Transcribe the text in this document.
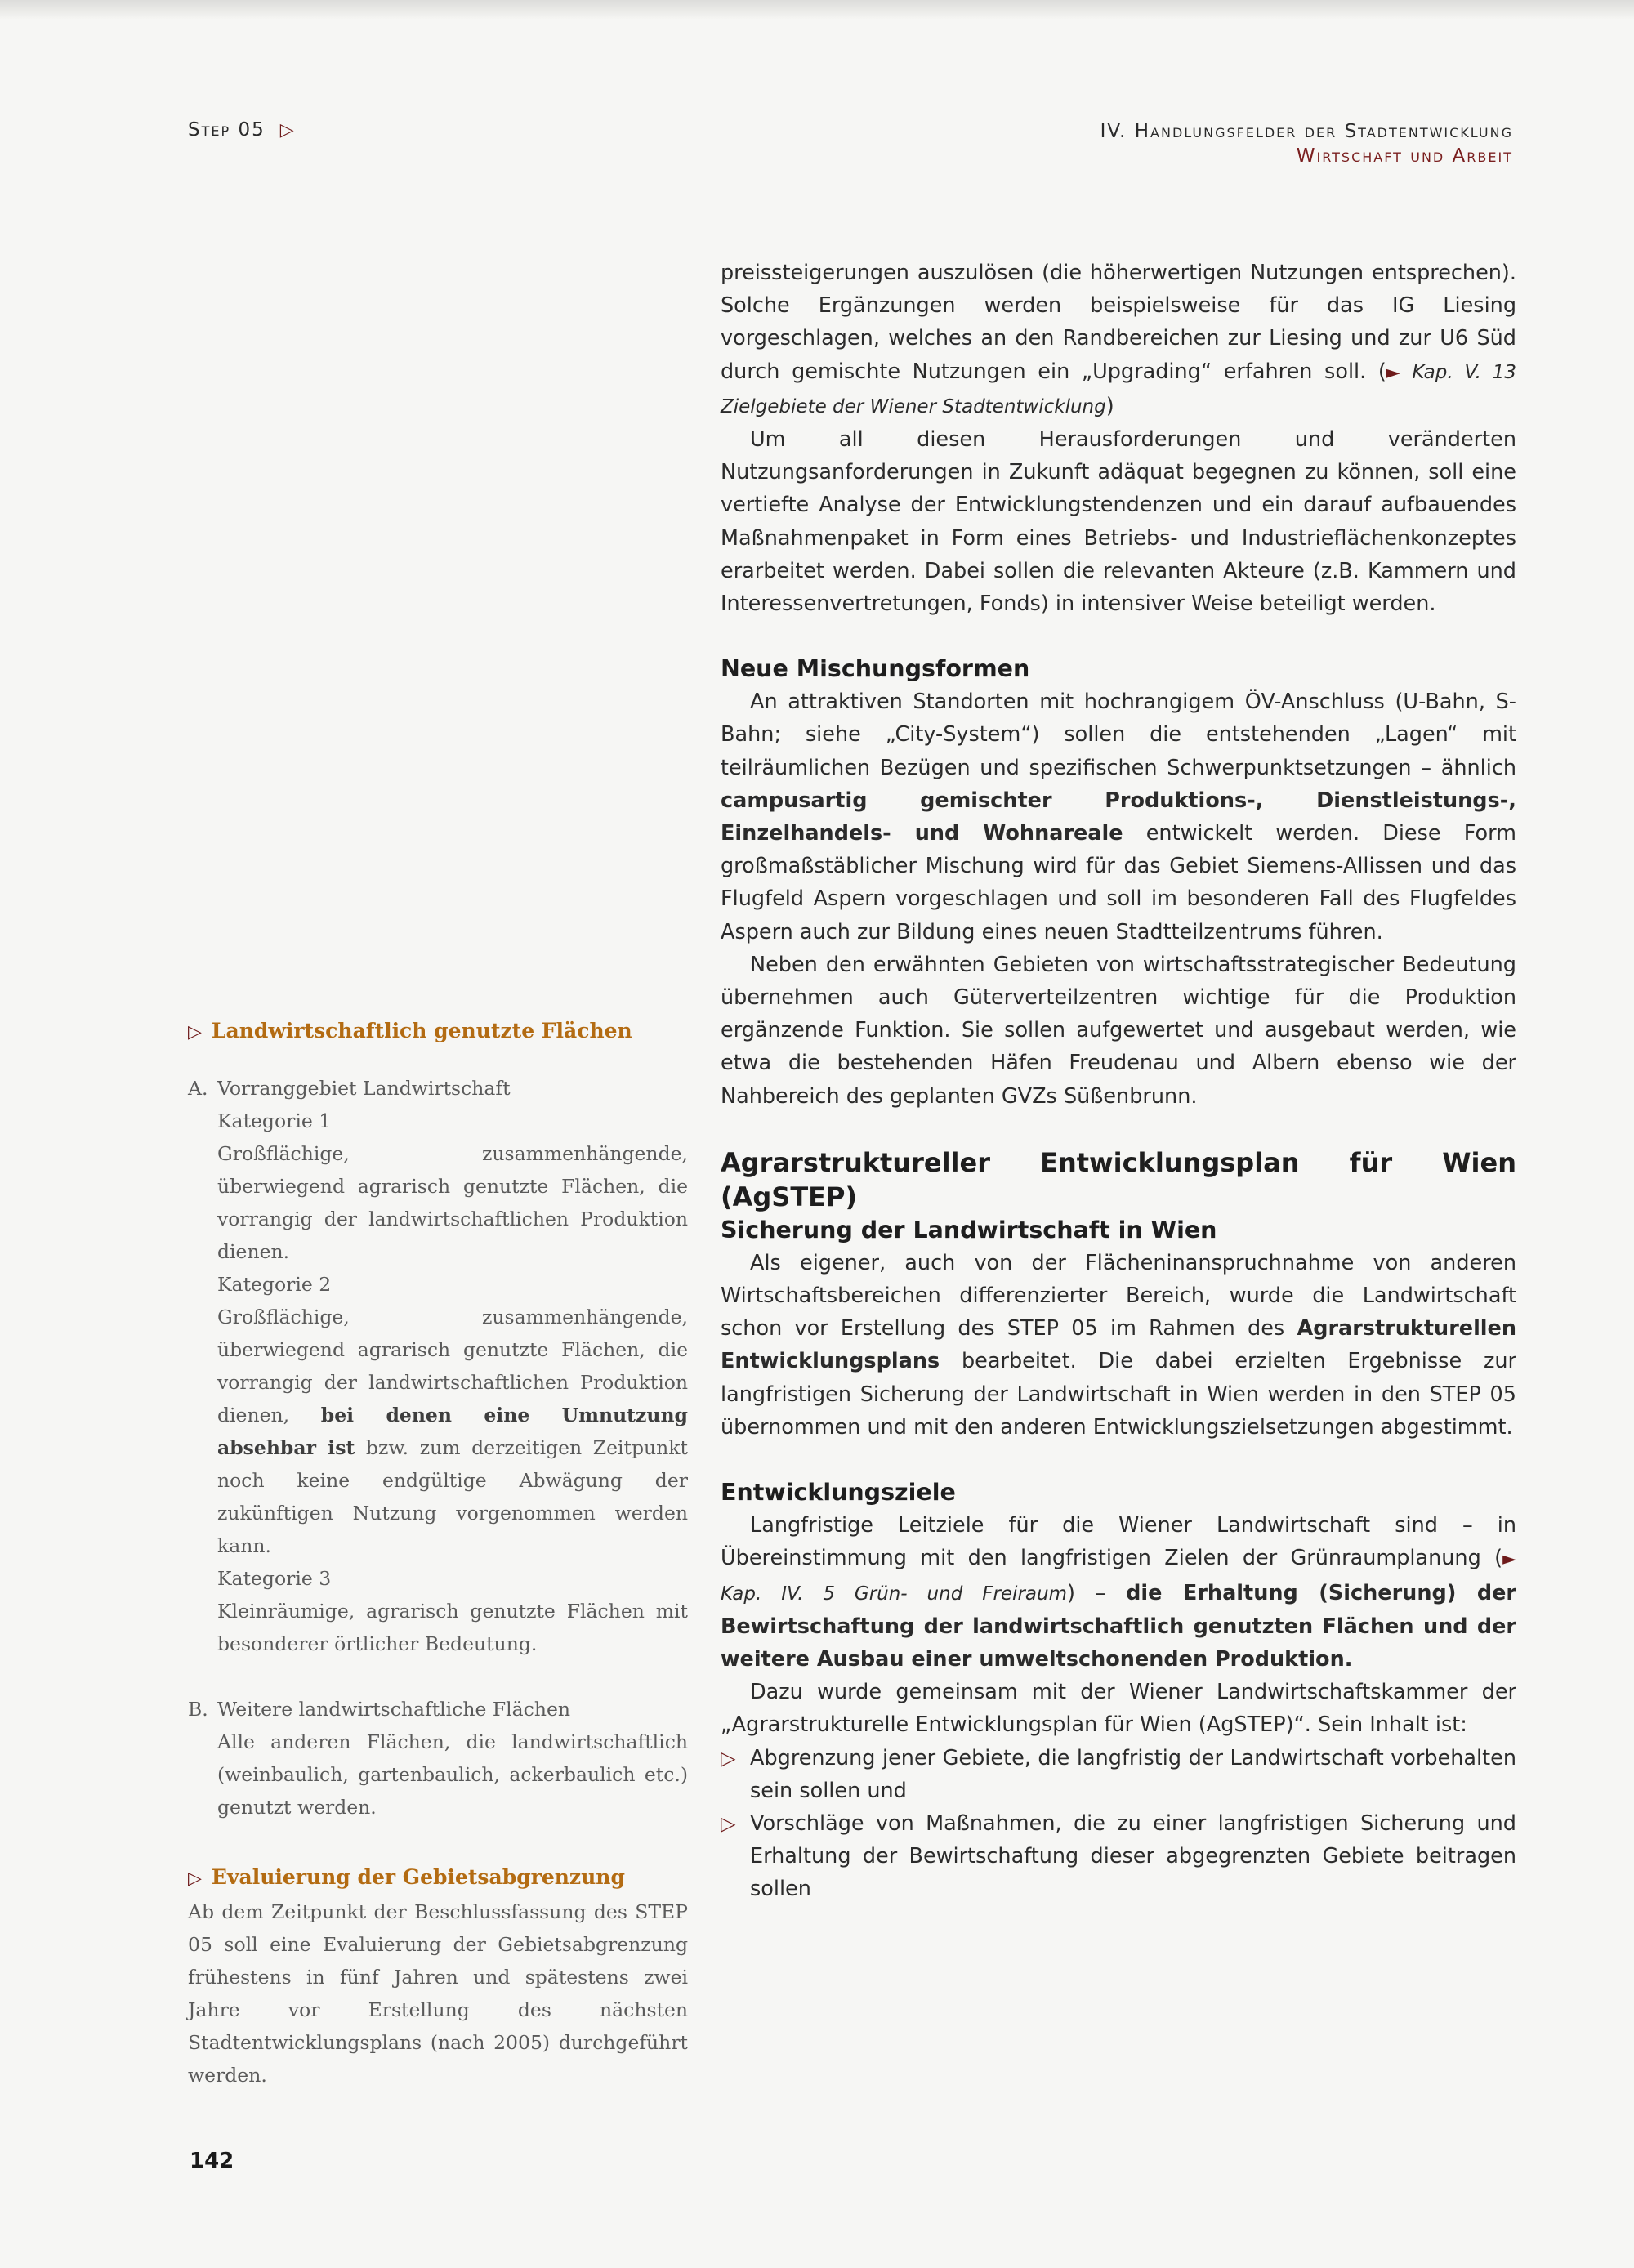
Step 05 ▷	IV. Handlungsfelder der Stadtentwicklung
Wirtschaft und Arbeit

preissteigerungen auszulösen (die höherwertigen Nutzungen entsprechen). Solche Ergänzungen werden beispielsweise für das IG Liesing vorgeschlagen, welches an den Randbereichen zur Liesing und zur U6 Süd durch gemischte Nutzungen ein „Upgrading“ erfahren soll. (► Kap. V. 13 Zielgebiete der Wiener Stadtentwicklung)

Um all diesen Herausforderungen und veränderten Nutzungsanforderungen in Zukunft adäquat begegnen zu können, soll eine vertiefte Analyse der Entwicklungstendenzen und ein darauf aufbauendes Maßnahmenpaket in Form eines Betriebs- und Industrieflächenkonzeptes erarbeitet werden. Dabei sollen die relevanten Akteure (z.B. Kammern und Interessenvertretungen, Fonds) in intensiver Weise beteiligt werden.

Neue Mischungsformen

An attraktiven Standorten mit hochrangigem ÖV-Anschluss (U-Bahn, S-Bahn; siehe „City-System“) sollen die entstehenden „Lagen“ mit teilräumlichen Bezügen und spezifischen Schwerpunktsetzungen – ähnlich campusartig gemischter Produktions-, Dienstleistungs-, Einzelhandels- und Wohnareale entwickelt werden. Diese Form großmaßstäblicher Mischung wird für das Gebiet Siemens-Allissen und das Flugfeld Aspern vorgeschlagen und soll im besonderen Fall des Flugfeldes Aspern auch zur Bildung eines neuen Stadtteilzentrums führen.

Neben den erwähnten Gebieten von wirtschaftsstrategischer Bedeutung übernehmen auch Güterverteilzentren wichtige für die Produktion ergänzende Funktion. Sie sollen aufgewertet und ausgebaut werden, wie etwa die bestehenden Häfen Freudenau und Albern ebenso wie der Nahbereich des geplanten GVZs Süßenbrunn.

Agrarstruktureller Entwicklungsplan für Wien (AgSTEP)
Sicherung der Landwirtschaft in Wien

Als eigener, auch von der Flächeninanspruchnahme von anderen Wirtschaftsbereichen differenzierter Bereich, wurde die Landwirtschaft schon vor Erstellung des STEP 05 im Rahmen des Agrarstrukturellen Entwicklungsplans bearbeitet. Die dabei erzielten Ergebnisse zur langfristigen Sicherung der Landwirtschaft in Wien werden in den STEP 05 übernommen und mit den anderen Entwicklungszielsetzungen abgestimmt.

Entwicklungsziele

Langfristige Leitziele für die Wiener Landwirtschaft sind – in Übereinstimmung mit den langfristigen Zielen der Grünraumplanung (► Kap. IV. 5 Grün- und Freiraum) – die Erhaltung (Sicherung) der Bewirtschaftung der landwirtschaftlich genutzten Flächen und der weitere Ausbau einer umweltschonenden Produktion.

Dazu wurde gemeinsam mit der Wiener Landwirtschaftskammer der „Agrarstrukturelle Entwicklungsplan für Wien (AgSTEP)“. Sein Inhalt ist:

▷ Abgrenzung jener Gebiete, die langfristig der Landwirtschaft vorbehalten sein sollen und
▷ Vorschläge von Maßnahmen, die zu einer langfristigen Sicherung und Erhaltung der Bewirtschaftung dieser abgegrenzten Gebiete beitragen sollen
▷ Landwirtschaftlich genutzte Flächen
A. Vorranggebiet Landwirtschaft

Kategorie 1

Großflächige, zusammenhängende, überwiegend agrarisch genutzte Flächen, die vorrangig der landwirtschaftlichen Produktion dienen.

Kategorie 2

Großflächige, zusammenhängende, überwiegend agrarisch genutzte Flächen, die vorrangig der landwirtschaftlichen Produktion dienen, bei denen eine Umnutzung absehbar ist bzw. zum derzeitigen Zeitpunkt noch keine endgültige Abwägung der zukünftigen Nutzung vorgenommen werden kann.

Kategorie 3

Kleinräumige, agrarisch genutzte Flächen mit besonderer örtlicher Bedeutung.

B. Weitere landwirtschaftliche Flächen

Alle anderen Flächen, die landwirtschaftlich (weinbaulich, gartenbaulich, ackerbaulich etc.) genutzt werden.

▷ Evaluierung der Gebietsabgrenzung

Ab dem Zeitpunkt der Beschlussfassung des STEP 05 soll eine Evaluierung der Gebietsabgrenzung frühestens in fünf Jahren und spätestens zwei Jahre vor Erstellung des nächsten Stadtentwicklungsplans (nach 2005) durchgeführt werden.

142
